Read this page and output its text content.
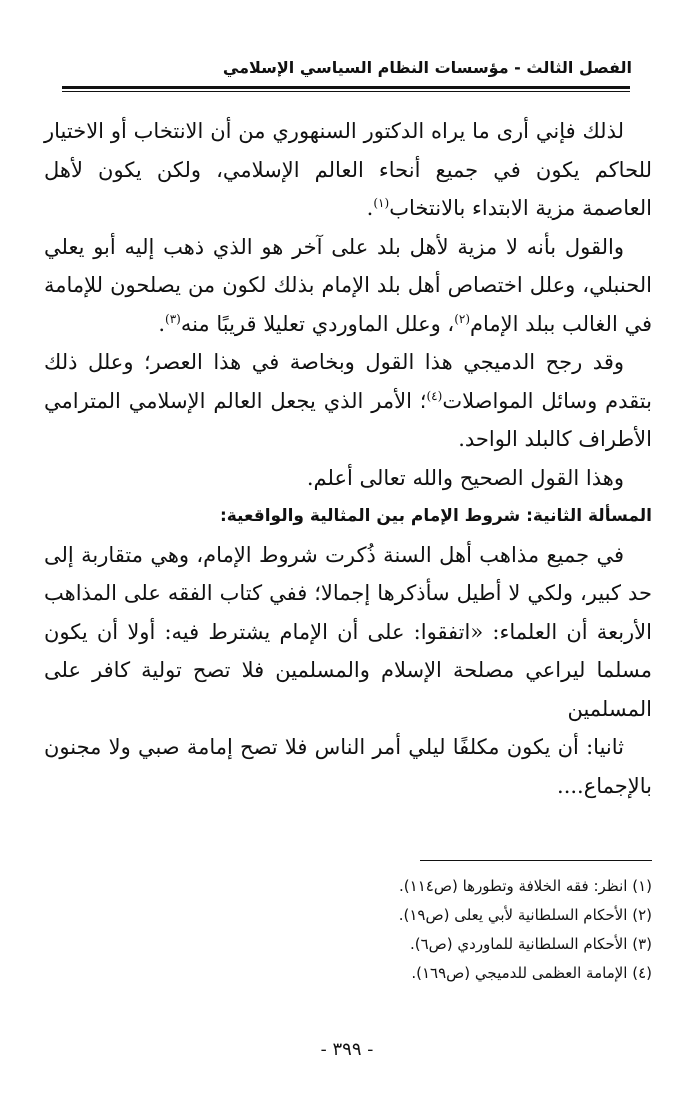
الفصل الثالث - مؤسسات النظام السياسي الإسلامي

لذلك فإني أرى ما يراه الدكتور السنهوري من أن الانتخاب أو الاختيار للحاكم يكون في جميع أنحاء العالم الإسلامي، ولكن يكون لأهل العاصمة مزية الابتداء بالانتخاب$^{(١)}$.

والقول بأنه لا مزية لأهل بلد على آخر هو الذي ذهب إليه أبو يعلي الحنبلي، وعلل اختصاص أهل بلد الإمام بذلك لكون من يصلحون للإمامة في الغالب ببلد الإمام$^{(٢)}$، وعلل الماوردي تعليلا قريبًا منه$^{(٣)}$.

وقد رجح الدميجي هذا القول وبخاصة في هذا العصر؛ وعلل ذلك بتقدم وسائل المواصلات$^{(٤)}$؛ الأمر الذي يجعل العالم الإسلامي المترامي الأطراف كالبلد الواحد.

وهذا القول الصحيح والله تعالى أعلم.

المسألة الثانية: شروط الإمام بين المثالية والواقعية:

في جميع مذاهب أهل السنة ذُكرت شروط الإمام، وهي متقاربة إلى حد كبير، ولكي لا أطيل سأذكرها إجمالا؛ ففي كتاب الفقه على المذاهب الأربعة أن العلماء: «اتفقوا: على أن الإمام يشترط فيه: أولا أن يكون مسلما ليراعي مصلحة الإسلام والمسلمين فلا تصح تولية كافر على المسلمين

ثانيا: أن يكون مكلفًا ليلي أمر الناس فلا تصح إمامة صبي ولا مجنون بالإجماع....

(١) انظر: فقه الخلافة وتطورها (ص١١٤).
(٢) الأحكام السلطانية لأبي يعلى (ص١٩).
(٣) الأحكام السلطانية للماوردي (ص٦).
(٤) الإمامة العظمى للدميجي (ص١٦٩).
- ٣٩٩ -
